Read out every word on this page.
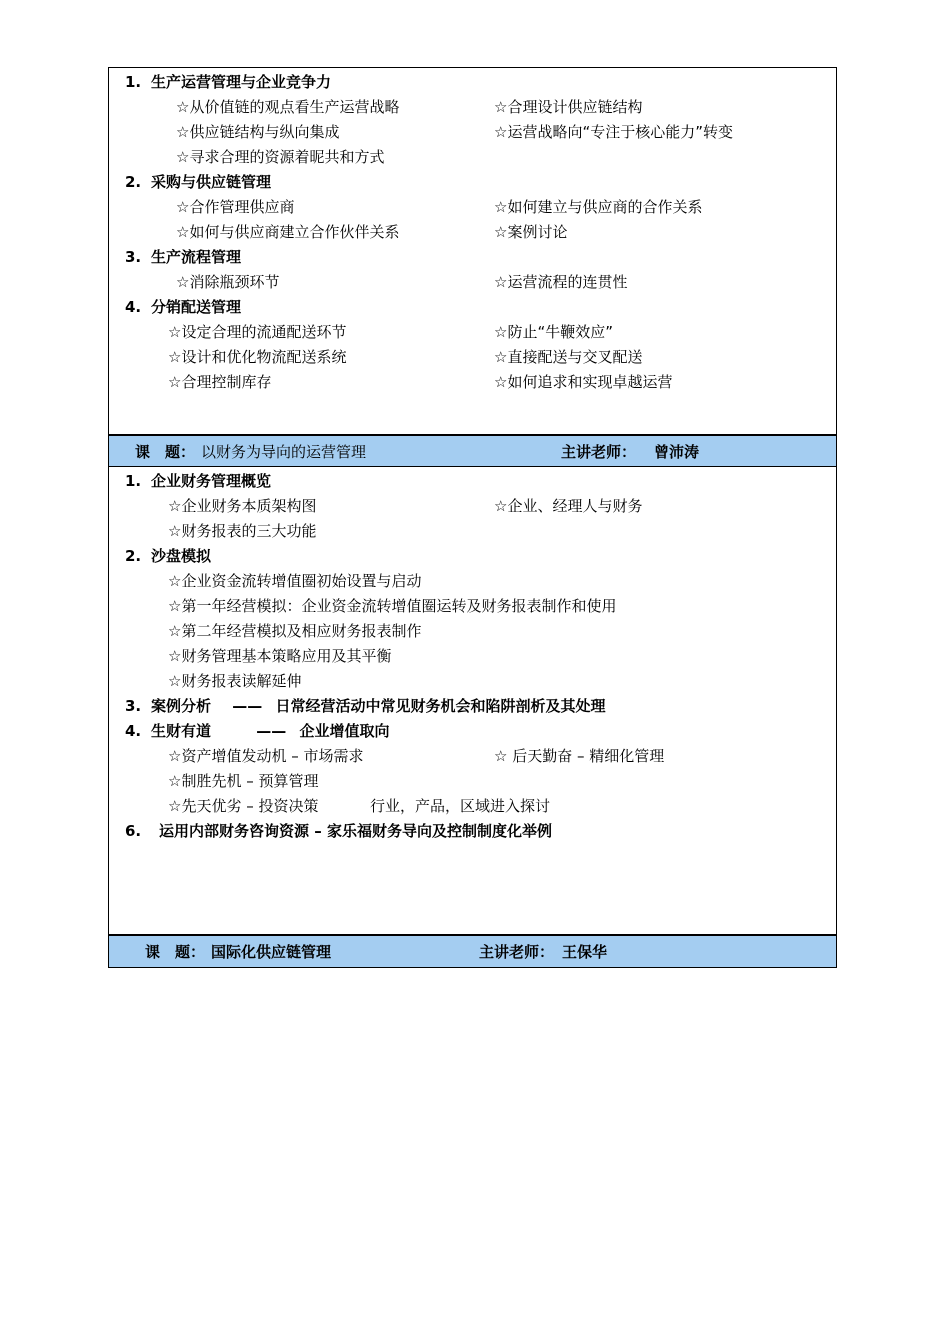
1. 生产运营管理与企业竞争力
☆从价值链的观点看生产运营战略	☆合理设计供应链结构
☆供应链结构与纵向集成	☆运营战略向“专注于核心能力”转变
☆寻求合理的资源着昵共和方式
2. 采购与供应链管理
☆合作管理供应商	☆如何建立与供应商的合作关系
☆如何与供应商建立合作伙伴关系	☆案例讨论
3. 生产流程管理
☆消除瓶颈环节	☆运营流程的连贯性
4. 分销配送管理
☆设定合理的流通配送环节	☆防止“牛鞭效应”
☆设计和优化物流配送系统	☆直接配送与交叉配送
☆合理控制库存	☆如何追求和实现卓越运营
课　题： 以财务为导向的运营管理	主讲老师： 曾沛涛
1. 企业财务管理概览
☆企业财务本质架构图	☆企业、经理人与财务
☆财务报表的三大功能
2. 沙盘模拟
☆企业资金流转增值圈初始设置与启动
☆第一年经营模拟：企业资金流转增值圈运转及财务报表制作和使用
☆第二年经营模拟及相应财务报表制作
☆财务管理基本策略应用及其平衡
☆财务报表读解延伸
3. 案例分析 —— 日常经营活动中常见财务机会和陷阱剖析及其处理
4. 生财有道	—— 企业增值取向
☆资产增值发动机 – 市场需求	☆ 后天勤奋 – 精细化管理
☆制胜先机 – 预算管理
☆先天优劣 – 投资决策	行业，产品，区域进入探讨
6. 运用内部财务咨询资源 – 家乐福财务导向及控制制度化举例
课　题： 国际化供应链管理	主讲老师： 王保华
